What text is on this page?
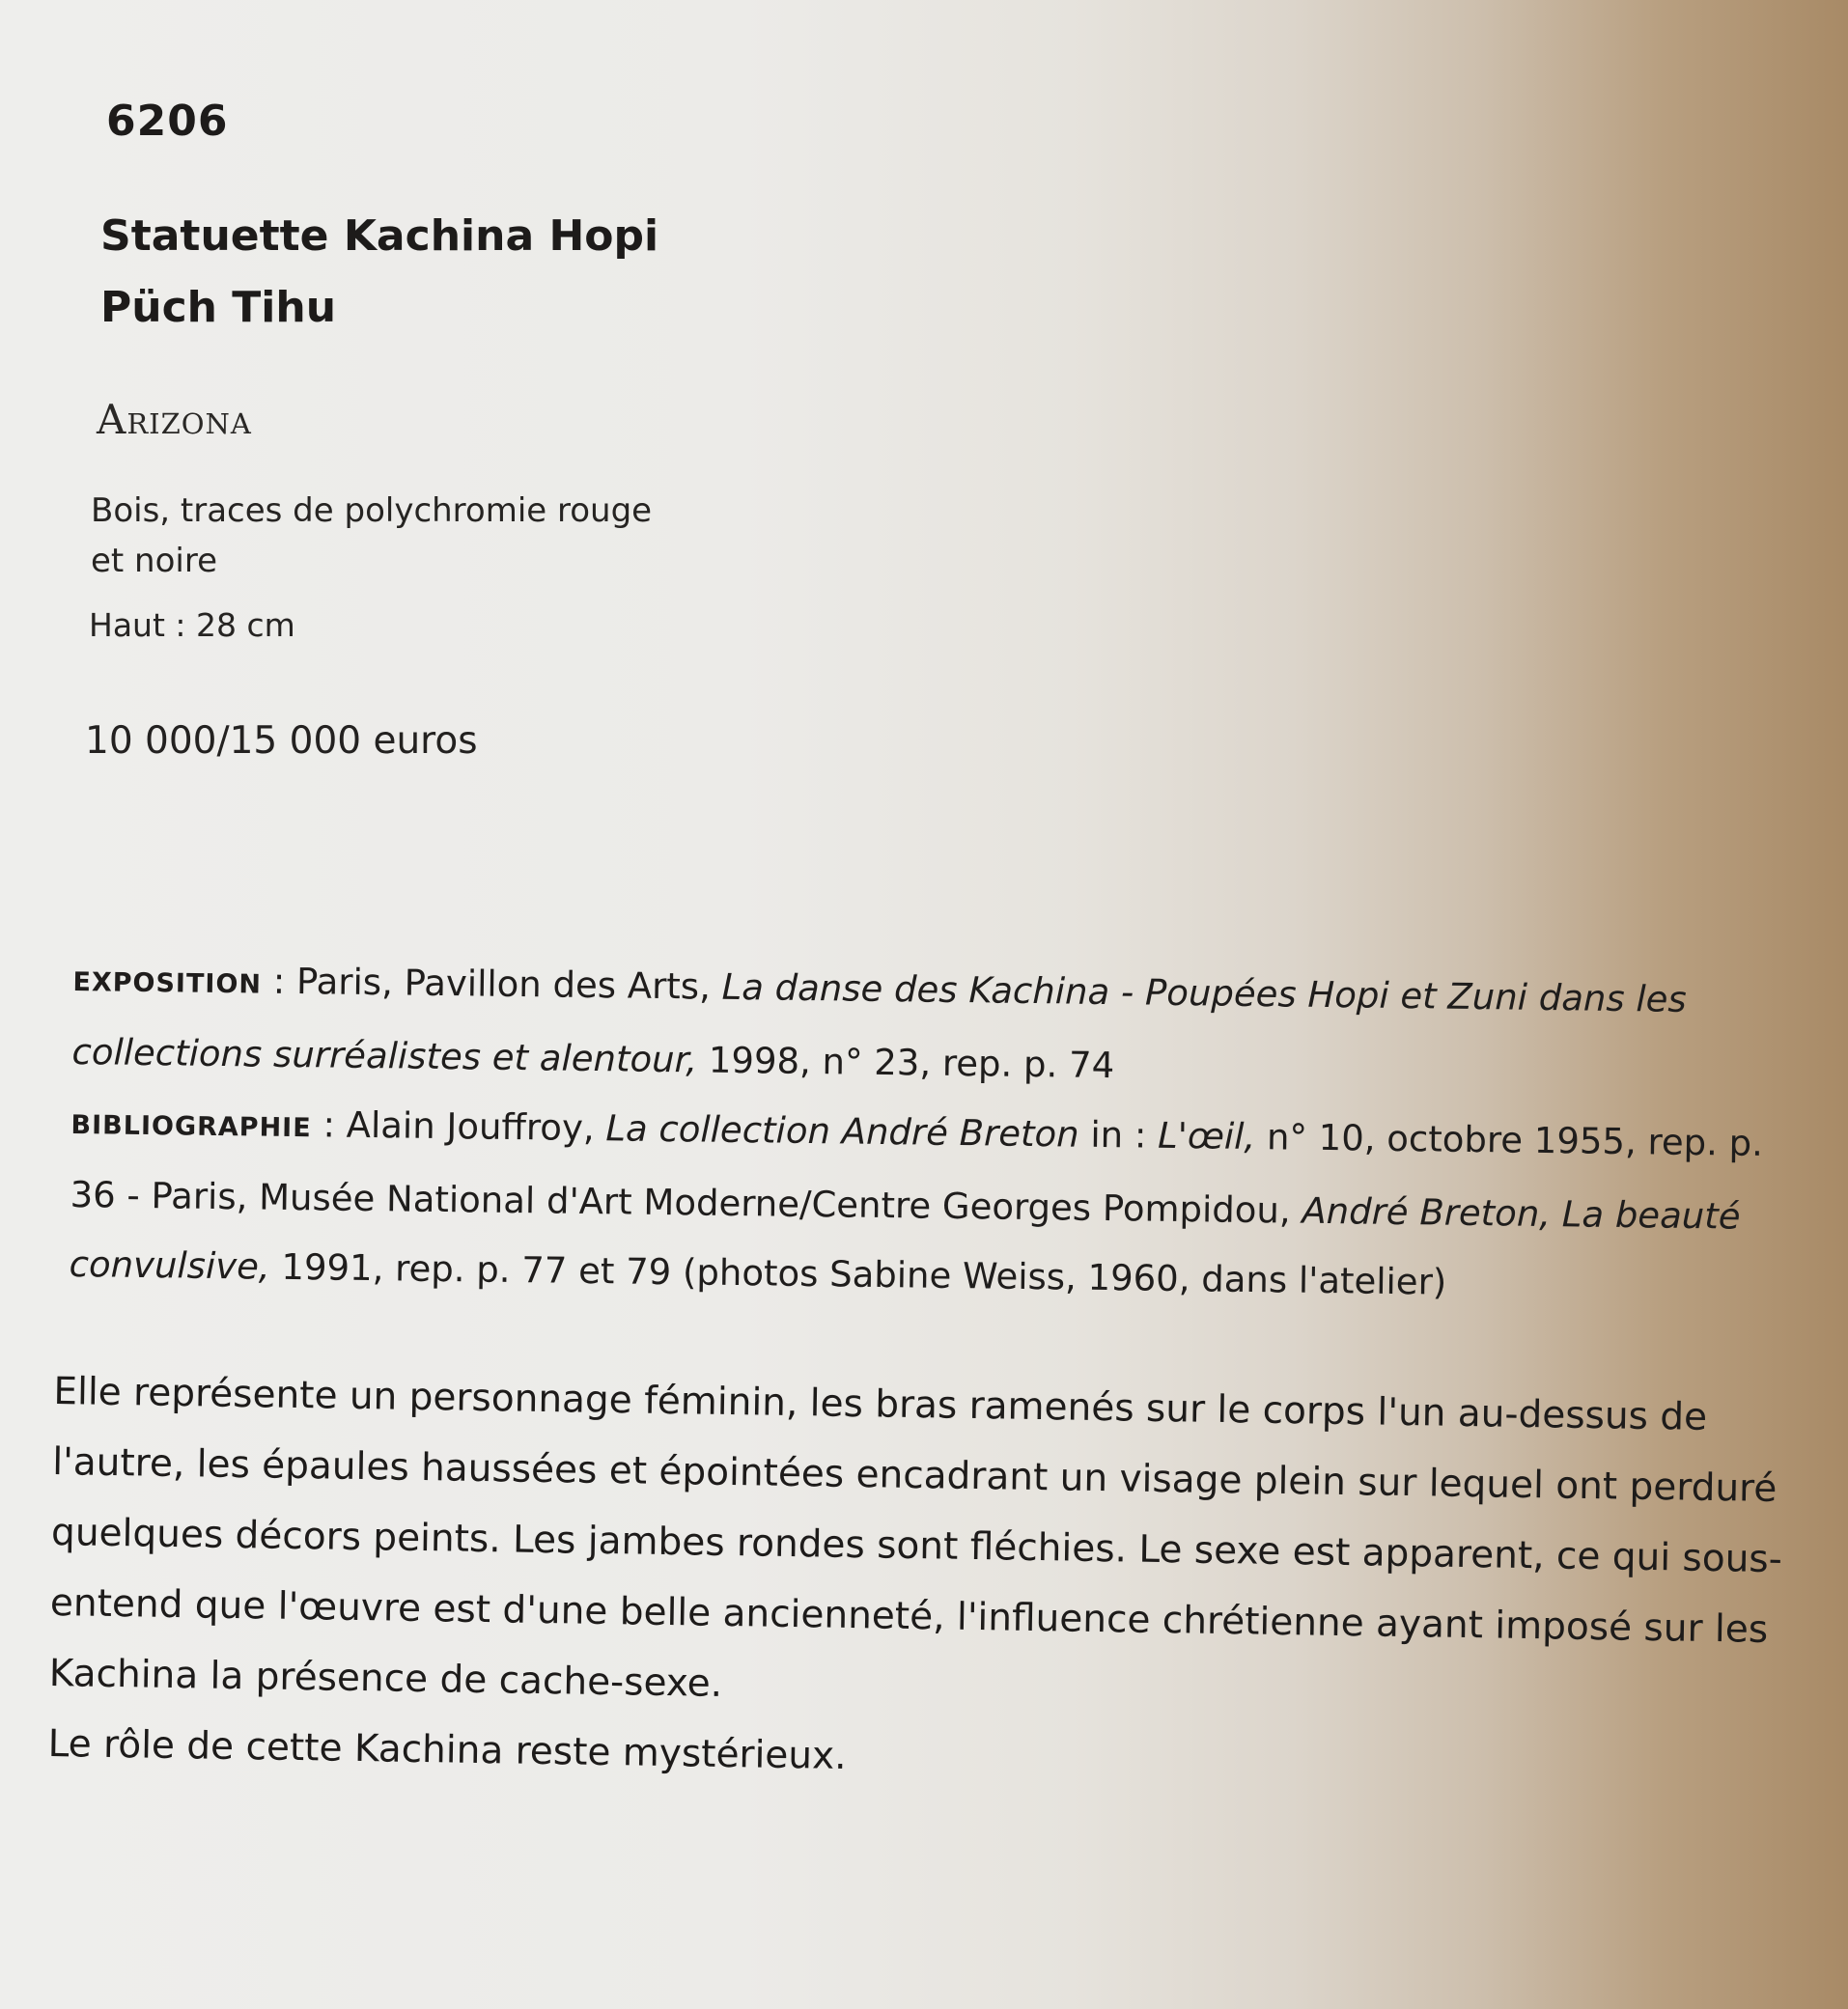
6206
Statuette Kachina Hopi
Püch Tihu
Arizona
Bois, traces de polychromie rouge
et noire
Haut : 28 cm
10 000/15 000 euros

EXPOSITION : Paris, Pavillon des Arts, La danse des Kachina - Poupées Hopi et Zuni dans les collections surréalistes et alentour, 1998, n° 23, rep. p. 74

BIBLIOGRAPHIE : Alain Jouffroy, La collection André Breton in : L'œil, n° 10, octobre 1955, rep. p. 36 - Paris, Musée National d'Art Moderne/Centre Georges Pompidou, André Breton, La beauté convulsive, 1991, rep. p. 77 et 79 (photos Sabine Weiss, 1960, dans l'atelier)

Elle représente un personnage féminin, les bras ramenés sur le corps l'un au-dessus de l'autre, les épaules haussées et épointées encadrant un visage plein sur lequel ont perduré quelques décors peints. Les jambes rondes sont fléchies. Le sexe est apparent, ce qui sous-entend que l'œuvre est d'une belle ancienneté, l'influence chrétienne ayant imposé sur les Kachina la présence de cache-sexe.

Le rôle de cette Kachina reste mystérieux.
